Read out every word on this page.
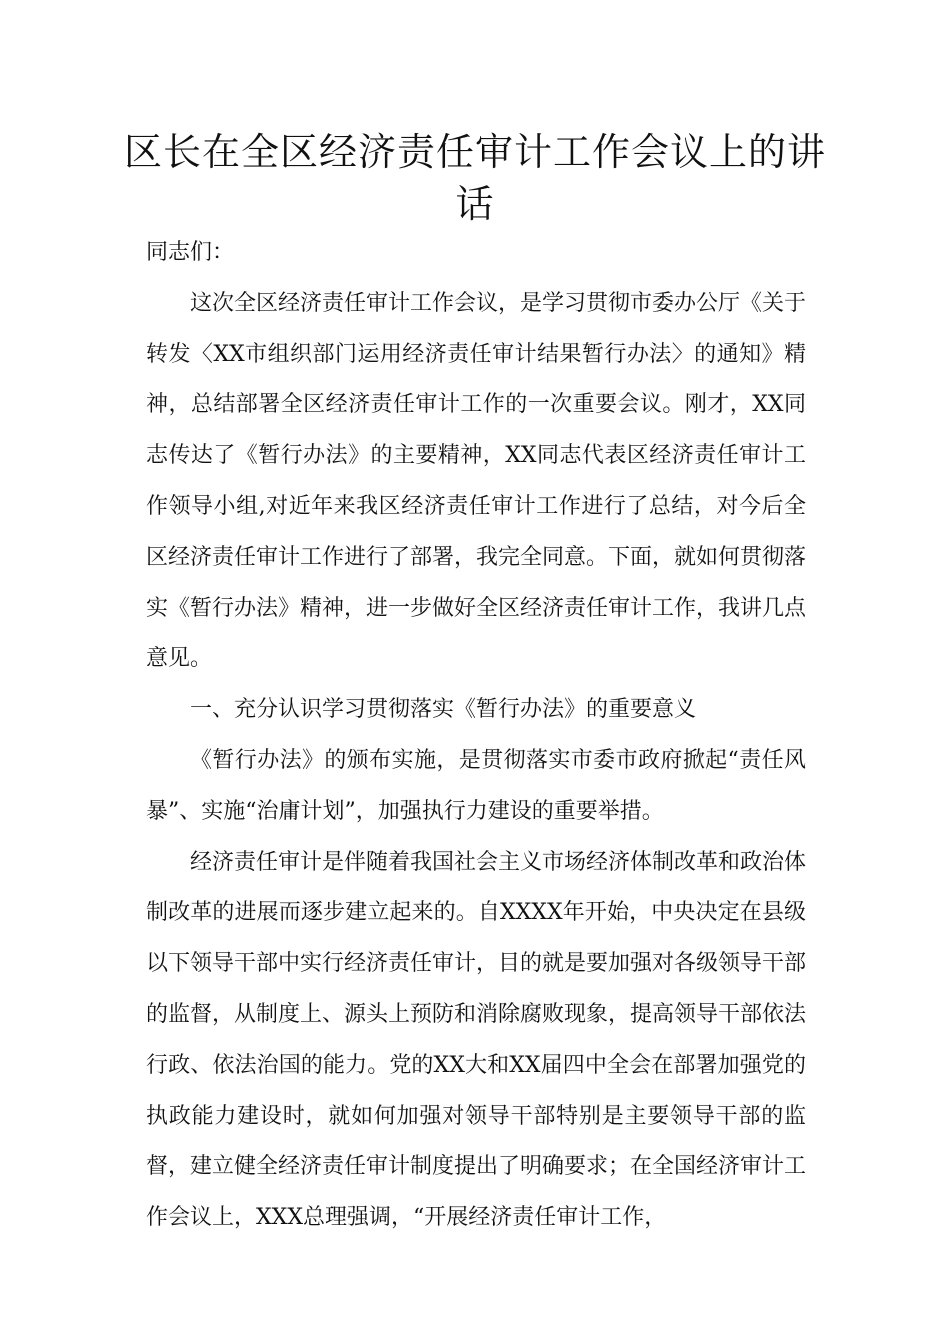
区长在全区经济责任审计工作会议上的讲话

同志们：

这次全区经济责任审计工作会议，是学习贯彻市委办公厅《关于转发〈XX市组织部门运用经济责任审计结果暂行办法〉的通知》精神，总结部署全区经济责任审计工作的一次重要会议。刚才，XX同志传达了《暂行办法》的主要精神，XX同志代表区经济责任审计工作领导小组,对近年来我区经济责任审计工作进行了总结，对今后全区经济责任审计工作进行了部署，我完全同意。下面，就如何贯彻落实《暂行办法》精神，进一步做好全区经济责任审计工作，我讲几点意见。

一、充分认识学习贯彻落实《暂行办法》的重要意义

《暂行办法》的颁布实施，是贯彻落实市委市政府掀起“责任风暴”、实施“治庸计划”，加强执行力建设的重要举措。

经济责任审计是伴随着我国社会主义市场经济体制改革和政治体制改革的进展而逐步建立起来的。自XXXX年开始，中央决定在县级以下领导干部中实行经济责任审计，目的就是要加强对各级领导干部的监督，从制度上、源头上预防和消除腐败现象，提高领导干部依法行政、依法治国的能力。党的XX大和XX届四中全会在部署加强党的执政能力建设时，就如何加强对领导干部特别是主要领导干部的监督，建立健全经济责任审计制度提出了明确要求；在全国经济审计工作会议上，XXX总理强调，“开展经济责任审计工作，
